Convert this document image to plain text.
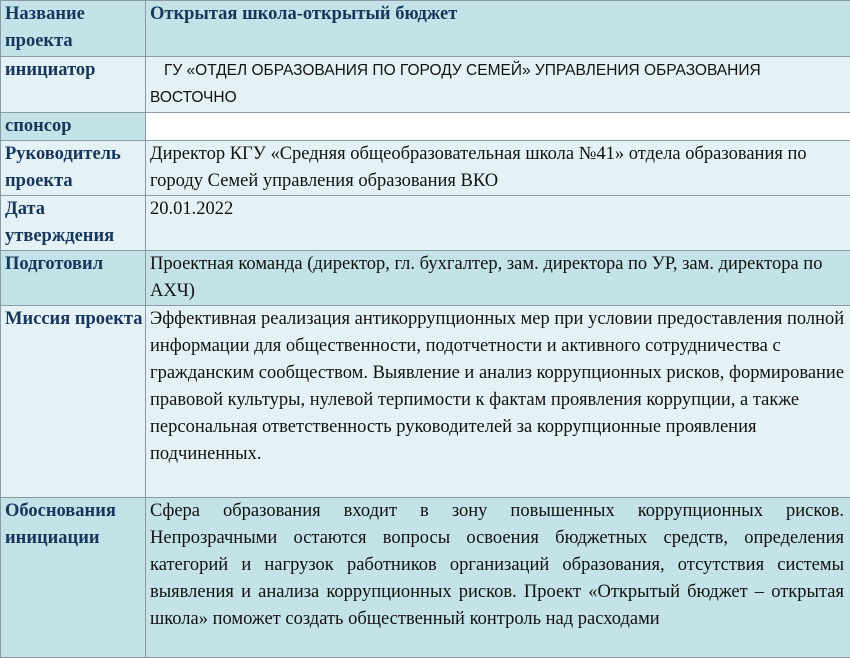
Название проекта	Открытая школа-открытый бюджет
инициатор	ГУ «ОТДЕЛ ОБРАЗОВАНИЯ ПО ГОРОДУ СЕМЕЙ» УПРАВЛЕНИЯ ОБРАЗОВАНИЯ ВОСТОЧНО
спонсор	
Руководитель проекта	Директор КГУ «Средняя общеобразовательная школа №41» отдела образования по городу Семей управления образования ВКО
Дата утверждения	20.01.2022
Подготовил	Проектная команда (директор, гл. бухгалтер, зам. директора по УР, зам. директора по АХЧ)
Миссия проекта	Эффективная реализация антикоррупционных мер при условии предоставления полной информации для общественности, подотчетности и активного сотрудничества с гражданским сообществом. Выявление и анализ коррупционных рисков, формирование правовой культуры, нулевой терпимости к фактам проявления коррупции, а также персональная ответственность руководителей за коррупционные проявления подчиненных.
Обоснования инициации	Сфера образования входит в зону повышенных коррупционных рисков. Непрозрачными остаются вопросы освоения бюджетных средств, определения категорий и нагрузок работников организаций образования, отсутствия системы выявления и анализа коррупционных рисков. Проект «Открытый бюджет – открытая школа» поможет создать общественный контроль над расходами
